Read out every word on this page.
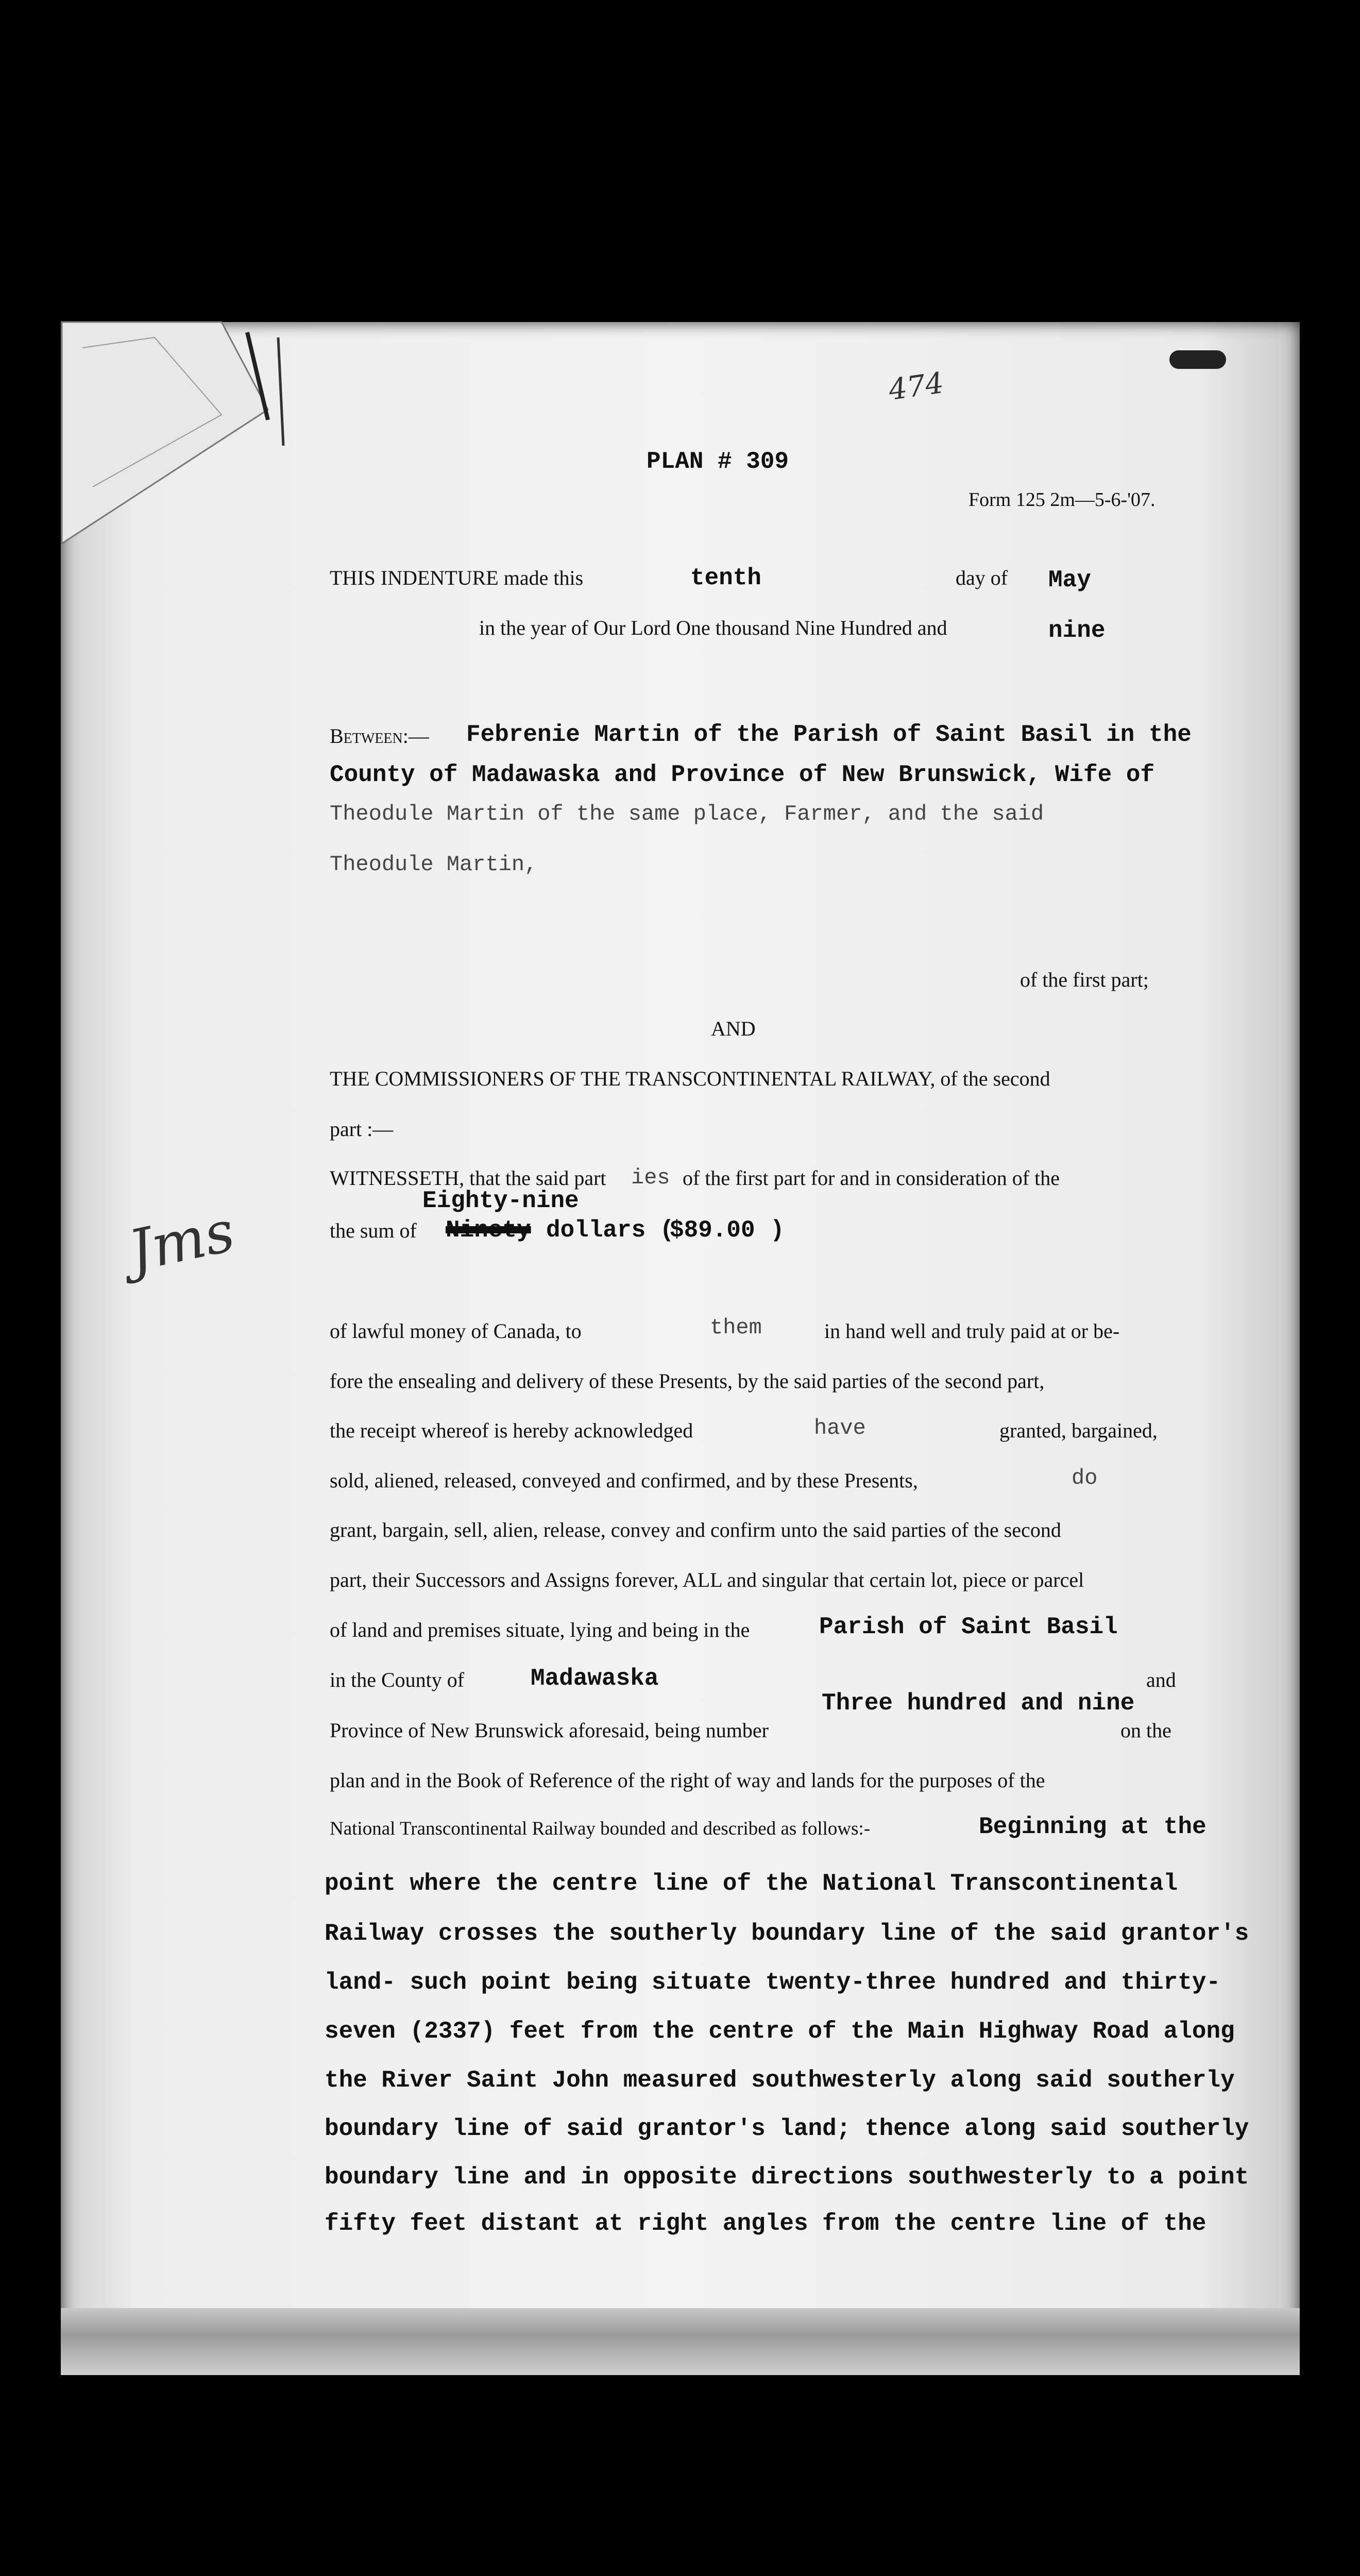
474
PLAN # 309
Form 125 2m—5-6-'07.
THIS INDENTURE made this	tenth	day of May
in the year of Our Lord One thousand Nine Hundred and	nine
Between:— Febrenie Martin of the Parish of Saint Basil in the
County of Madawaska and Province of New Brunswick, Wife of
Theodule Martin of the same place, Farmer, and the said
Theodule Martin,
of the first part;
AND
THE COMMISSIONERS OF THE TRANSCONTINENTAL RAILWAY, of the second
part :—
WITNESSETH, that the said part ies of the first part for and in consideration of the
Eighty-nine
Jms	the sum of Ninety dollars (
$89.00 )
of lawful money of Canada, to	them	in hand well and truly paid at or be-
fore the ensealing and delivery of these Presents, by the said parties of the second part,
the receipt whereof is hereby acknowledged	have	granted, bargained,
sold, aliened, released, conveyed and confirmed, and by these Presents,	do
grant, bargain, sell, alien, release, convey and confirm unto the said parties of the second
part, their Successors and Assigns forever, ALL and singular that certain lot, piece or parcel
of land and premises situate, lying and being in the	Parish of Saint Basil
in the County of	Madawaska	and
Three hundred and nine
Province of New Brunswick aforesaid, being number	on the
plan and in the Book of Reference of the right of way and lands for the purposes of the
National Transcontinental Railway bounded and described as follows:-	Beginning at the
point where the centre line of the National Transcontinental
Railway crosses the southerly boundary line of the said grantor's
land- such point being situate twenty-three hundred and thirty-
seven (2337) feet from the centre of the Main Highway Road along
the River Saint John measured southwesterly along said southerly
boundary line of said grantor's land; thence along said southerly
boundary line and in opposite directions southwesterly to a point
fifty feet distant at right angles from the centre line of the
